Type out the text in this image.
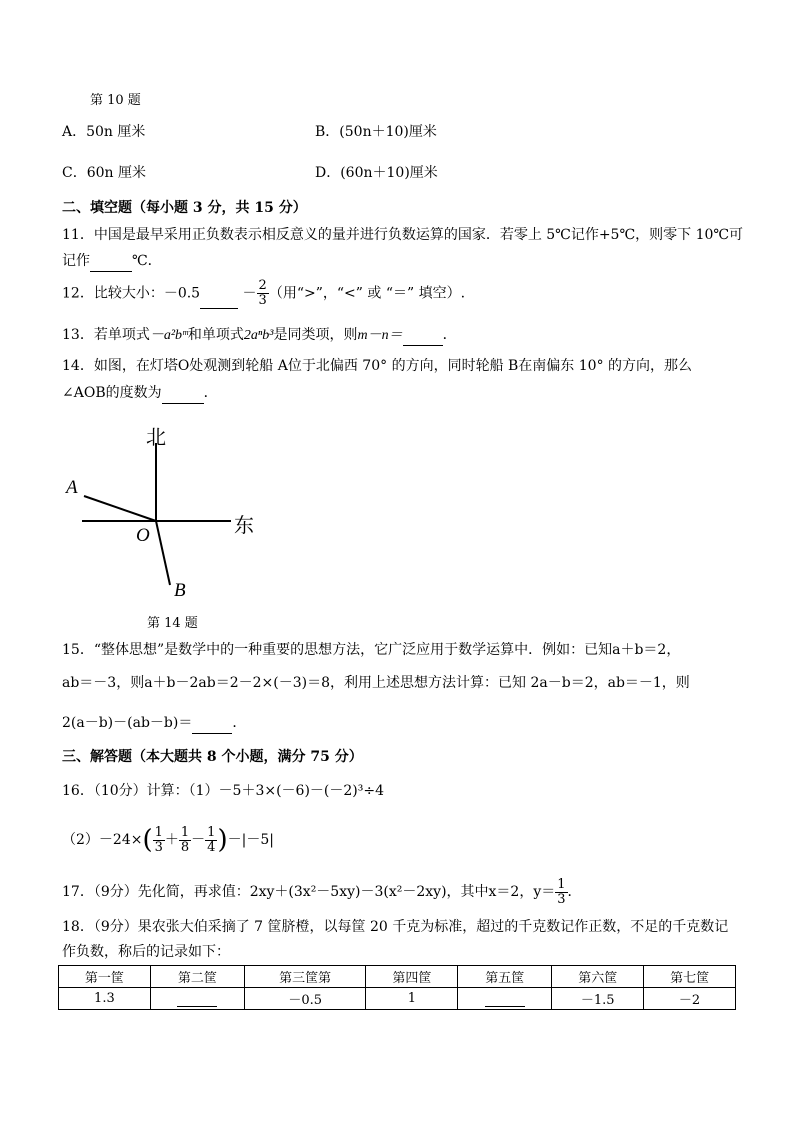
第 10 题
A．50n 厘米	B．(50n＋10)厘米
C．60n 厘米	D．(60n＋10)厘米
二、填空题（每小题 3 分，共 15 分）
11．中国是最早采用正负数表示相反意义的量并进行负数运算的国家．若零上 5℃记作+5℃，则零下 10℃可
记作	℃．
12．比较大小：－0.5	－ $\frac{2}{3}$ （用“>”，“<” 或 “＝” 填空）.
13．若单项式－a²bᵐ和单项式2aⁿb³是同类项，则m－n＝	．
14．如图，在灯塔O处观测到轮船 A位于北偏西 70° 的方向，同时轮船 B在南偏东 10° 的方向，那么
∠AOB的度数为	．
北
东
A
O
B
第 14 题
15．“整体思想”是数学中的一种重要的思想方法，它广泛应用于数学运算中．例如：已知a＋b＝2，
ab＝－3，则a＋b－2ab＝2－2×(－3)＝8，利用上述思想方法计算：已知 2a－b＝2，ab＝－1，则
2(a－b)－(ab－b)＝	．
三、解答题（本大题共 8 个小题，满分 75 分）
16．（10分）计算：（1）－5＋3×(－6)－(－2)³÷4
$(2)-24\times( \frac{1}{3} + \frac{1}{8} - \frac{1}{4} )-|-5|$
17．（9分）先化简，再求值：2xy＋(3x²－5xy)－3(x²－2xy)，其中x＝2，$y= \frac{1}{3}$ ．
18．（9分）果农张大伯采摘了 7 筐脐橙，以每筐 20 千克为标准，超过的千克数记作正数，不足的千克数记
作负数，称后的记录如下：
第一筐	第二筐	第三筐第	第四筐	第五筐	第六筐	第七筐
1.3		－0.5	1		－1.5	－2
